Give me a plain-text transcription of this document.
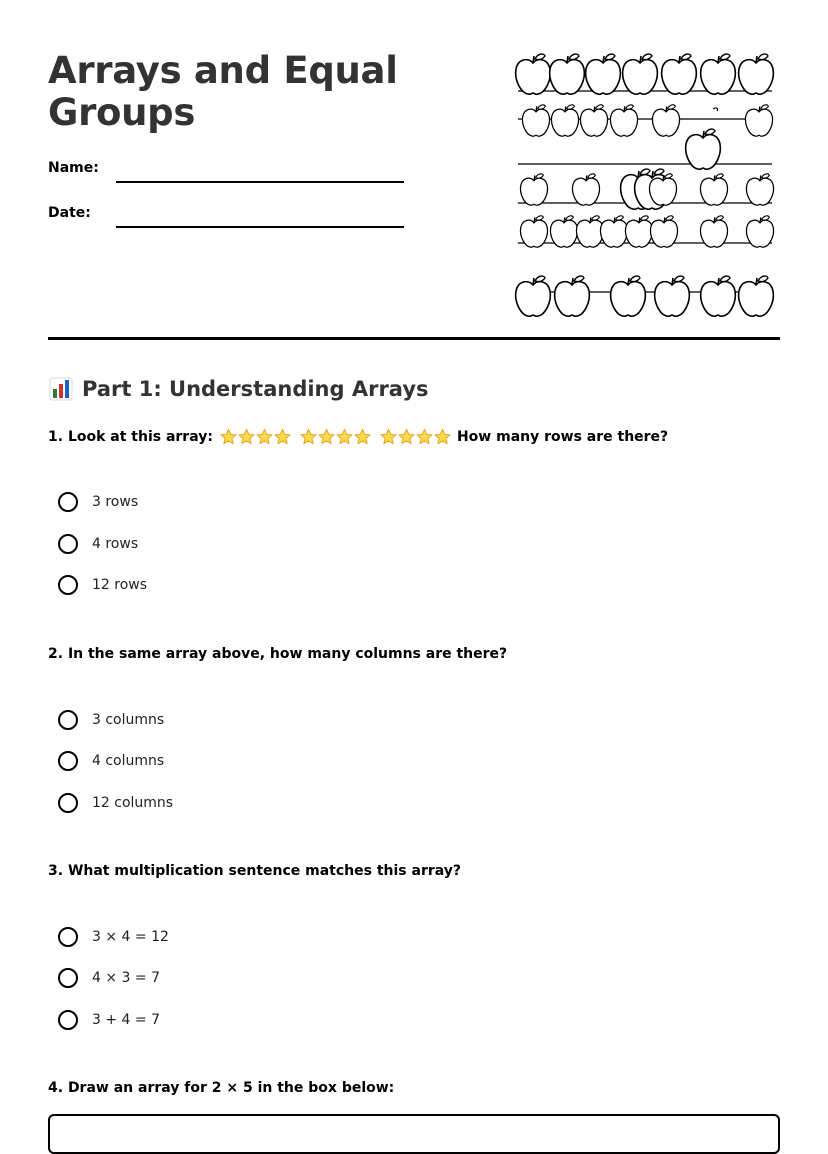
Arrays and Equal Groups
Name:
Date:
Part 1: Understanding Arrays
1.
Look at this array:	How many rows are there?
3 rows
4 rows
12 rows
2.
In the same array above, how many columns are there?
3 columns
4 columns
12 columns
3.
What multiplication sentence matches this array?
3 × 4 = 12
4 × 3 = 7
3 + 4 = 7
4.
Draw an array for 2 × 5 in the box below:
